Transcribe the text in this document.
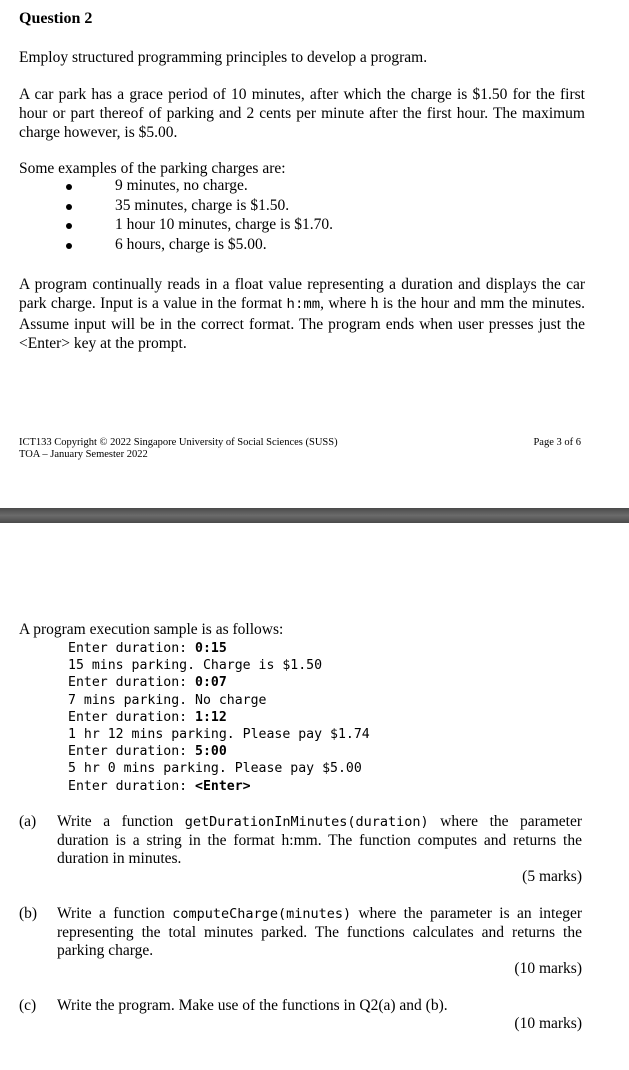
Question 2
Employ structured programming principles to develop a program.
A car park has a grace period of 10 minutes, after which the charge is $1.50 for the first hour or part thereof of parking and 2 cents per minute after the first hour. The maximum charge however, is $5.00.
Some examples of the parking charges are:
9 minutes, no charge.
35 minutes, charge is $1.50.
1 hour 10 minutes, charge is $1.70.
6 hours, charge is $5.00.
A program continually reads in a float value representing a duration and displays the car park charge. Input is a value in the format h:mm, where h is the hour and mm the minutes. Assume input will be in the correct format. The program ends when user presses just the <Enter> key at the prompt.
ICT133 Copyright © 2022 Singapore University of Social Sciences (SUSS)
TOA – January Semester 2022
Page 3 of 6
A program execution sample is as follows:
Enter duration: 0:15
15 mins parking. Charge is $1.50
Enter duration: 0:07
7 mins parking. No charge
Enter duration: 1:12
1 hr 12 mins parking. Please pay $1.74
Enter duration: 5:00
5 hr 0 mins parking. Please pay $5.00
Enter duration: <Enter>
(a) Write a function getDurationInMinutes(duration) where the parameter duration is a string in the format h:mm. The function computes and returns the duration in minutes.
(5 marks)
(b) Write a function computeCharge(minutes) where the parameter is an integer representing the total minutes parked. The functions calculates and returns the parking charge.
(10 marks)
(c) Write the program. Make use of the functions in Q2(a) and (b).
(10 marks)
